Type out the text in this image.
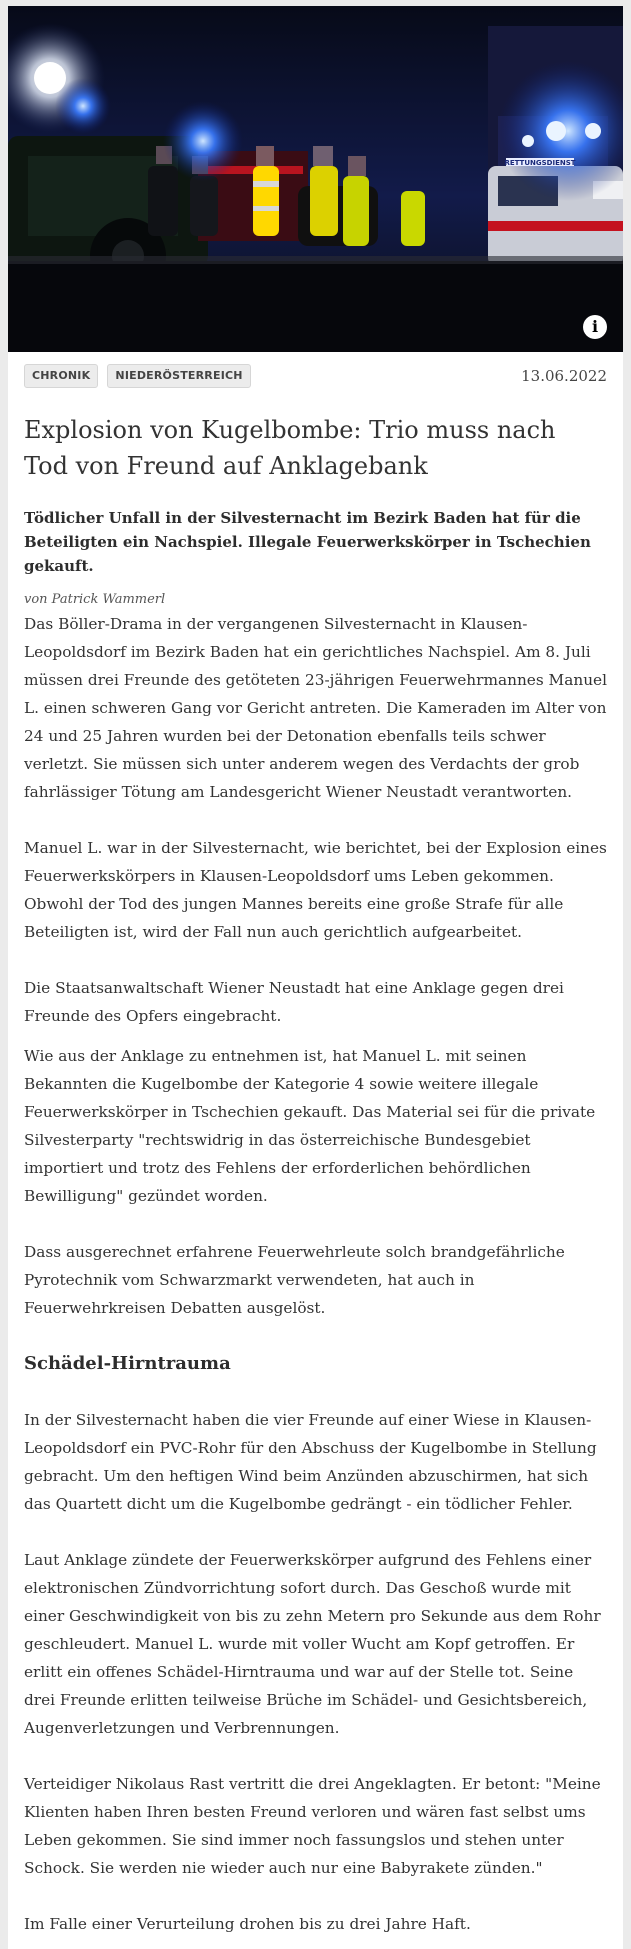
RETTUNGSDIENST
i
CHRONIK NIEDERÖSTERREICH	13.06.2022
Explosion von Kugelbombe: Trio muss nach Tod von Freund auf Anklagebank

Tödlicher Unfall in der Silvesternacht im Bezirk Baden hat für die Beteiligten ein Nachspiel. Illegale Feuerwerkskörper in Tschechien gekauft.

von Patrick Wammerl

Das Böller-Drama in der vergangenen Silvesternacht in Klausen-Leopoldsdorf im Bezirk Baden hat ein gerichtliches Nachspiel. Am 8. Juli müssen drei Freunde des getöteten 23-jährigen Feuerwehrmannes Manuel L. einen schweren Gang vor Gericht antreten. Die Kameraden im Alter von 24 und 25 Jahren wurden bei der Detonation ebenfalls teils schwer verletzt. Sie müssen sich unter anderem wegen des Verdachts der grob fahrlässiger Tötung am Landesgericht Wiener Neustadt verantworten.

Manuel L. war in der Silvesternacht, wie berichtet, bei der Explosion eines Feuerwerkskörpers in Klausen-Leopoldsdorf ums Leben gekommen. Obwohl der Tod des jungen Mannes bereits eine große Strafe für alle Beteiligten ist, wird der Fall nun auch gerichtlich aufgearbeitet.

Die Staatsanwaltschaft Wiener Neustadt hat eine Anklage gegen drei Freunde des Opfers eingebracht.

Wie aus der Anklage zu entnehmen ist, hat Manuel L. mit seinen Bekannten die Kugelbombe der Kategorie 4 sowie weitere illegale Feuerwerkskörper in Tschechien gekauft. Das Material sei für die private Silvesterparty "rechtswidrig in das österreichische Bundesgebiet importiert und trotz des Fehlens der erforderlichen behördlichen Bewilligung" gezündet worden.

Dass ausgerechnet erfahrene Feuerwehrleute solch brandgefährliche Pyrotechnik vom Schwarzmarkt verwendeten, hat auch in Feuerwehrkreisen Debatten ausgelöst.

Schädel-Hirntrauma

In der Silvesternacht haben die vier Freunde auf einer Wiese in Klausen-Leopoldsdorf ein PVC-Rohr für den Abschuss der Kugelbombe in Stellung gebracht. Um den heftigen Wind beim Anzünden abzuschirmen, hat sich das Quartett dicht um die Kugelbombe gedrängt - ein tödlicher Fehler.

Laut Anklage zündete der Feuerwerkskörper aufgrund des Fehlens einer elektronischen Zündvorrichtung sofort durch. Das Geschoß wurde mit einer Geschwindigkeit von bis zu zehn Metern pro Sekunde aus dem Rohr geschleudert. Manuel L. wurde mit voller Wucht am Kopf getroffen. Er erlitt ein offenes Schädel-Hirntrauma und war auf der Stelle tot. Seine drei Freunde erlitten teilweise Brüche im Schädel- und Gesichtsbereich, Augenverletzungen und Verbrennungen.

Verteidiger Nikolaus Rast vertritt die drei Angeklagten. Er betont: "Meine Klienten haben Ihren besten Freund verloren und wären fast selbst ums Leben gekommen. Sie sind immer noch fassungslos und stehen unter Schock. Sie werden nie wieder auch nur eine Babyrakete zünden."

Im Falle einer Verurteilung drohen bis zu drei Jahre Haft.
